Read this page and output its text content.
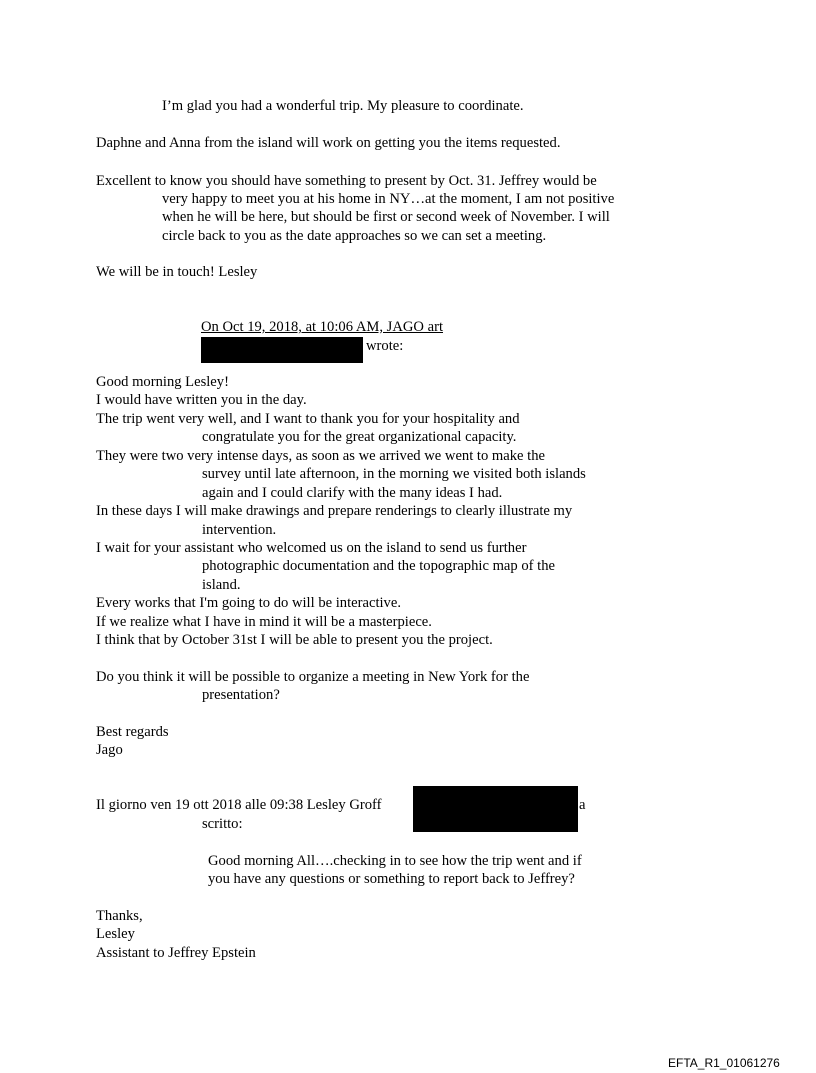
I’m glad you had a wonderful trip. My pleasure to coordinate.
Daphne and Anna from the island will work on getting you the items requested.
Excellent to know you should have something to present by Oct. 31. Jeffrey would be
very happy to meet you at his home in NY…at the moment, I am not positive
when he will be here, but should be first or second week of November. I will
circle back to you as the date approaches so we can set a meeting.
We will be in touch! Lesley
On Oct 19, 2018, at 10:06 AM, JAGO art
wrote:
Good morning Lesley!
I would have written you in the day.
The trip went very well, and I want to thank you for your hospitality and
congratulate you for the great organizational capacity.
They were two very intense days, as soon as we arrived we went to make the
survey until late afternoon, in the morning we visited both islands
again and I could clarify with the many ideas I had.
In these days I will make drawings and prepare renderings to clearly illustrate my
intervention.
I wait for your assistant who welcomed us on the island to send us further
photographic documentation and the topographic map of the
island.
Every works that I'm going to do will be interactive.
If we realize what I have in mind it will be a masterpiece.
I think that by October 31st I will be able to present you the project.
Do you think it will be possible to organize a meeting in New York for the
presentation?
Best regards
Jago
Il giorno ven 19 ott 2018 alle 09:38 Lesley Groff	a
scritto:
Good morning All….checking in to see how the trip went and if
you have any questions or something to report back to Jeffrey?
Thanks,
Lesley
Assistant to Jeffrey Epstein
EFTA_R1_01061276
